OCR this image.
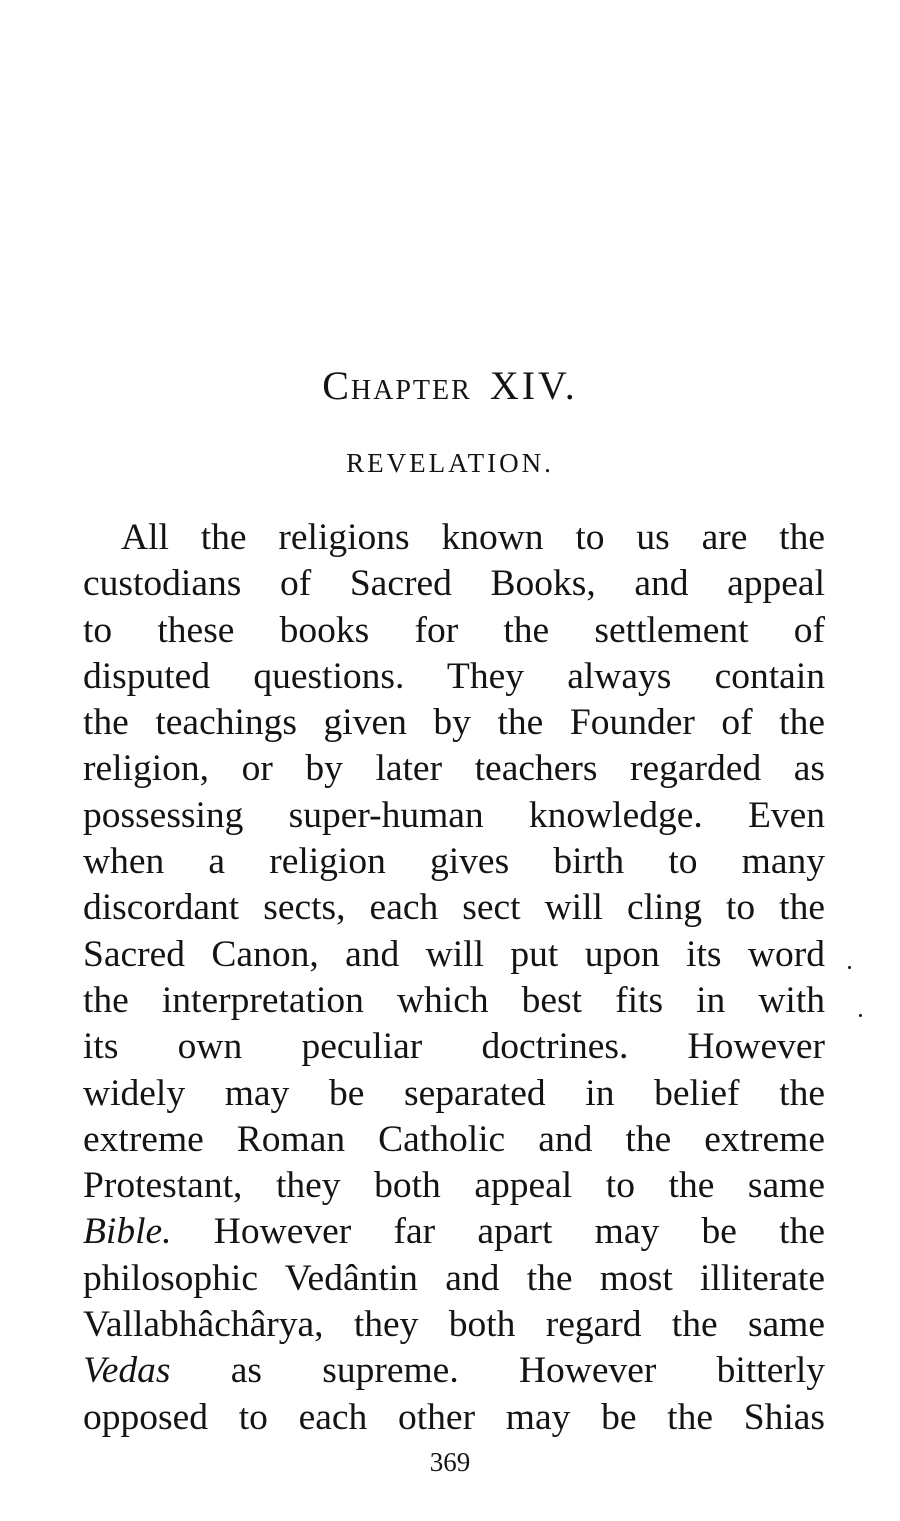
Chapter XIV.
REVELATION.
All the religions known to us are the
custodians of Sacred Books, and appeal
to these books for the settlement of
disputed questions. They always contain
the teachings given by the Founder of the
religion, or by later teachers regarded as
possessing super-human knowledge. Even
when a religion gives birth to many
discordant sects, each sect will cling to the
Sacred Canon, and will put upon its word
the interpretation which best fits in with
its own peculiar doctrines. However
widely may be separated in belief the
extreme Roman Catholic and the extreme
Protestant, they both appeal to the same
Bible. However far apart may be the
philosophic Vedântin and the most illiterate
Vallabhâchârya, they both regard the same
Vedas as supreme. However bitterly
opposed to each other may be the Shias
369
